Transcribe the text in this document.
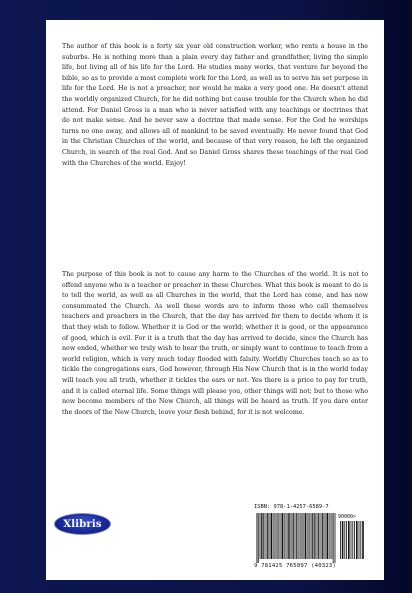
The author of this book is a forty six year old construction worker, who rents a house in the suburbs. He is nothing more than a plain every day father and grandfather, living the simple life, but living all of his life for the Lord. He studies many works, that venture far beyond the bible, so as to provide a most complete work for the Lord, as well as to serve his set purpose in life for the Lord. He is not a preacher, nor would he make a very good one. He doesn't attend the worldly organized Church, for he did nothing but cause trouble for the Church when he did attend. For Daniel Gross is a man who is never satisfied with any teachings or doctrines that do not make sense. And he never saw a doctrine that made sense. For the God he worships turns no one away, and allows all of mankind to be saved eventually. He never found that God in the Christian Churches of the world, and because of that very reason, he left the organized Church, in search of the real God. And so Daniel Gross shares these teachings of the real God with the Churches of the world. Enjoy!

The purpose of this book is not to cause any harm to the Churches of the world. It is not to offend anyone who is a teacher or preacher in these Churches. What this book is meant to do is to tell the world, as well as all Churches in the world, that the Lord has come, and has now consummated the Church. As well these words are to inform those who call themselves teachers and preachers in the Church, that the day has arrived for them to decide whom it is that they wish to follow. Whether it is God or the world; whether it is good, or the appearance of good, which is evil. For it is a truth that the day has arrived to decide, since the Church has now ended, whether we truly wish to hear the truth, or simply want to continue to teach from a world religion, which is very much today flooded with falsity. Worldly Churches teach so as to tickle the congregations ears, God however, through His New Church that is in the world today will teach you all truth, whether it tickles the ears or not. Yes there is a price to pay for truth, and it is called eternal life. Some things will please you, other things will not; but to those who now become members of the New Church, all things will be heard as truth. If you dare enter the doors of the New Church, leave your flesh behind, for it is not welcome.

Xlibris
ISBN: 978-1-4257-6589-7
90000>
9 781425 765897 (40323)
